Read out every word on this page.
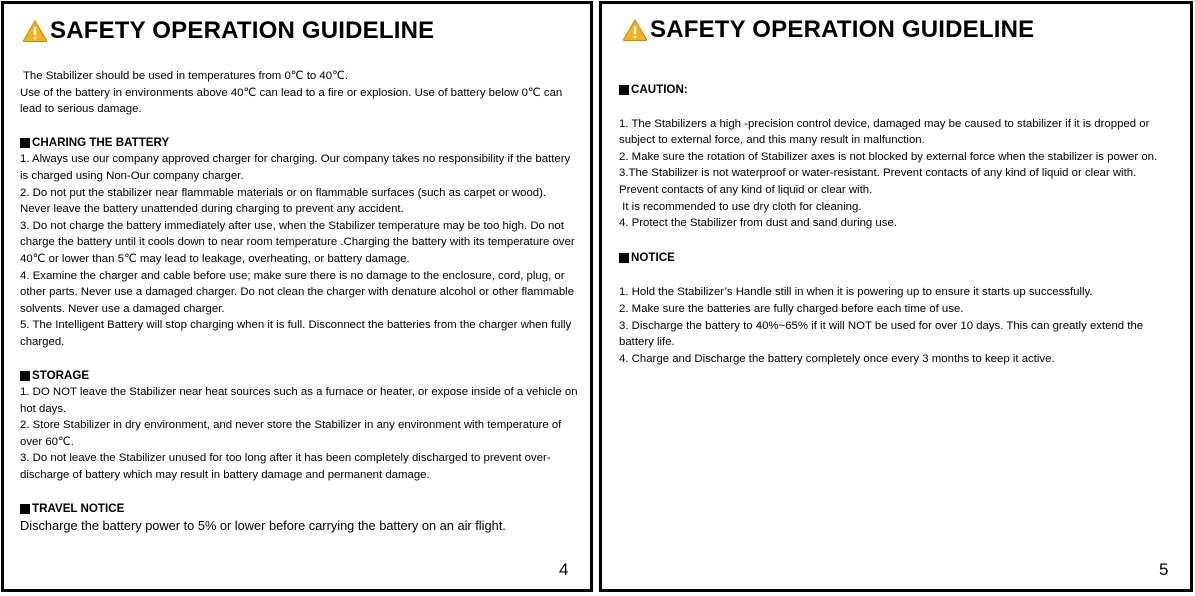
SAFETY OPERATION GUIDELINE

The Stabilizer should be used in temperatures from 0℃ to 40℃.

Use of the battery in environments above 40℃ can lead to a fire or explosion. Use of battery below 0℃ can lead to serious damage.

CHARING THE BATTERY

1. Always use our company approved charger for charging. Our company takes no responsibility if the battery is charged using Non-Our company charger.

2. Do not put the stabilizer near flammable materials or on flammable surfaces (such as carpet or wood). Never leave the battery unattended during charging to prevent any accident.

3. Do not charge the battery immediately after use, when the Stabilizer temperature may be too high. Do not charge the battery until it cools down to near room temperature .Charging the battery with its temperature over 40℃ or lower than 5℃ may lead to leakage, overheating, or battery damage.

4. Examine the charger and cable before use; make sure there is no damage to the enclosure, cord, plug, or other parts. Never use a damaged charger. Do not clean the charger with denature alcohol or other flammable solvents. Never use a damaged charger.

5. The Intelligent Battery will stop charging when it is full. Disconnect the batteries from the charger when fully charged.

STORAGE

1. DO NOT leave the Stabilizer near heat sources such as a furnace or heater, or expose inside of a vehicle on hot days.

2. Store Stabilizer in dry environment, and never store the Stabilizer in any environment with temperature of over 60℃.

3. Do not leave the Stabilizer unused for too long after it has been completely discharged to prevent over-discharge of battery which may result in battery damage and permanent damage.

TRAVEL NOTICE

Discharge the battery power to 5% or lower before carrying the battery on an air flight.

4
SAFETY OPERATION GUIDELINE
CAUTION:

1. The Stabilizers a high -precision control device, damaged may be caused to stabilizer if it is dropped or subject to external force, and this many result in malfunction.

2. Make sure the rotation of Stabilizer axes is not blocked by external force when the stabilizer is power on.

3.The Stabilizer is not waterproof or water-resistant. Prevent contacts of any kind of liquid or clear with.

Prevent contacts of any kind of liquid or clear with.

It is recommended to use dry cloth for cleaning.

4. Protect the Stabilizer from dust and sand during use.

NOTICE

1. Hold the Stabilizer’s Handle still in when it is powering up to ensure it starts up successfully.

2. Make sure the batteries are fully charged before each time of use.

3. Discharge the battery to 40%~65% if it will NOT be used for over 10 days. This can greatly extend the battery life.

4. Charge and Discharge the battery completely once every 3 months to keep it active.

5
